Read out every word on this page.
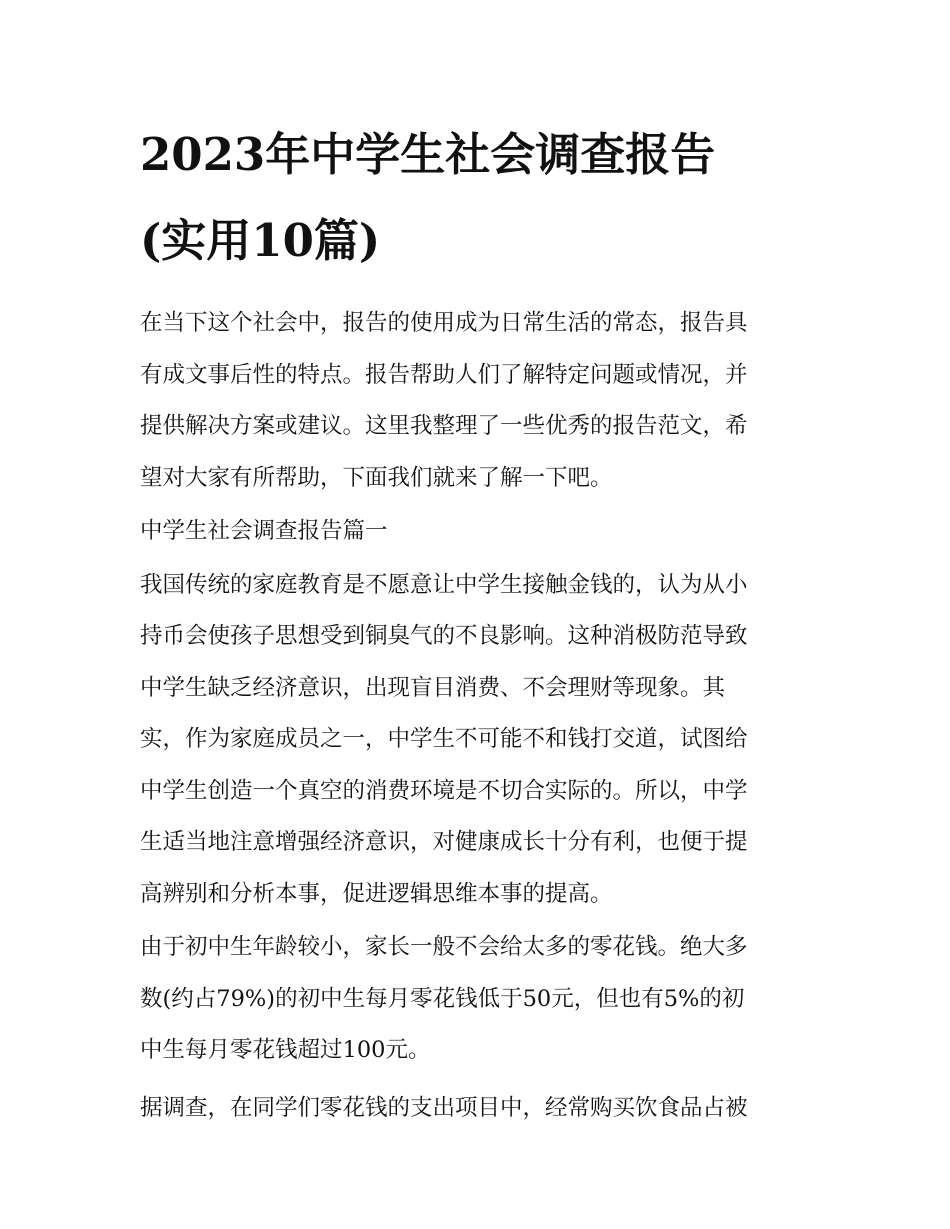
2023年中学生社会调查报告
(实用10篇)

在当下这个社会中，报告的使用成为日常生活的常态，报告具
有成文事后性的特点。报告帮助人们了解特定问题或情况，并
提供解决方案或建议。这里我整理了一些优秀的报告范文，希
望对大家有所帮助，下面我们就来了解一下吧。

中学生社会调查报告篇一

我国传统的家庭教育是不愿意让中学生接触金钱的，认为从小
持币会使孩子思想受到铜臭气的不良影响。这种消极防范导致
中学生缺乏经济意识，出现盲目消费、不会理财等现象。其
实，作为家庭成员之一，中学生不可能不和钱打交道，试图给
中学生创造一个真空的消费环境是不切合实际的。所以，中学
生适当地注意增强经济意识，对健康成长十分有利，也便于提
高辨别和分析本事，促进逻辑思维本事的提高。

由于初中生年龄较小，家长一般不会给太多的零花钱。绝大多
数(约占79%)的初中生每月零花钱低于50元，但也有5%的初
中生每月零花钱超过100元。

据调查，在同学们零花钱的支出项目中，经常购买饮食品占被
